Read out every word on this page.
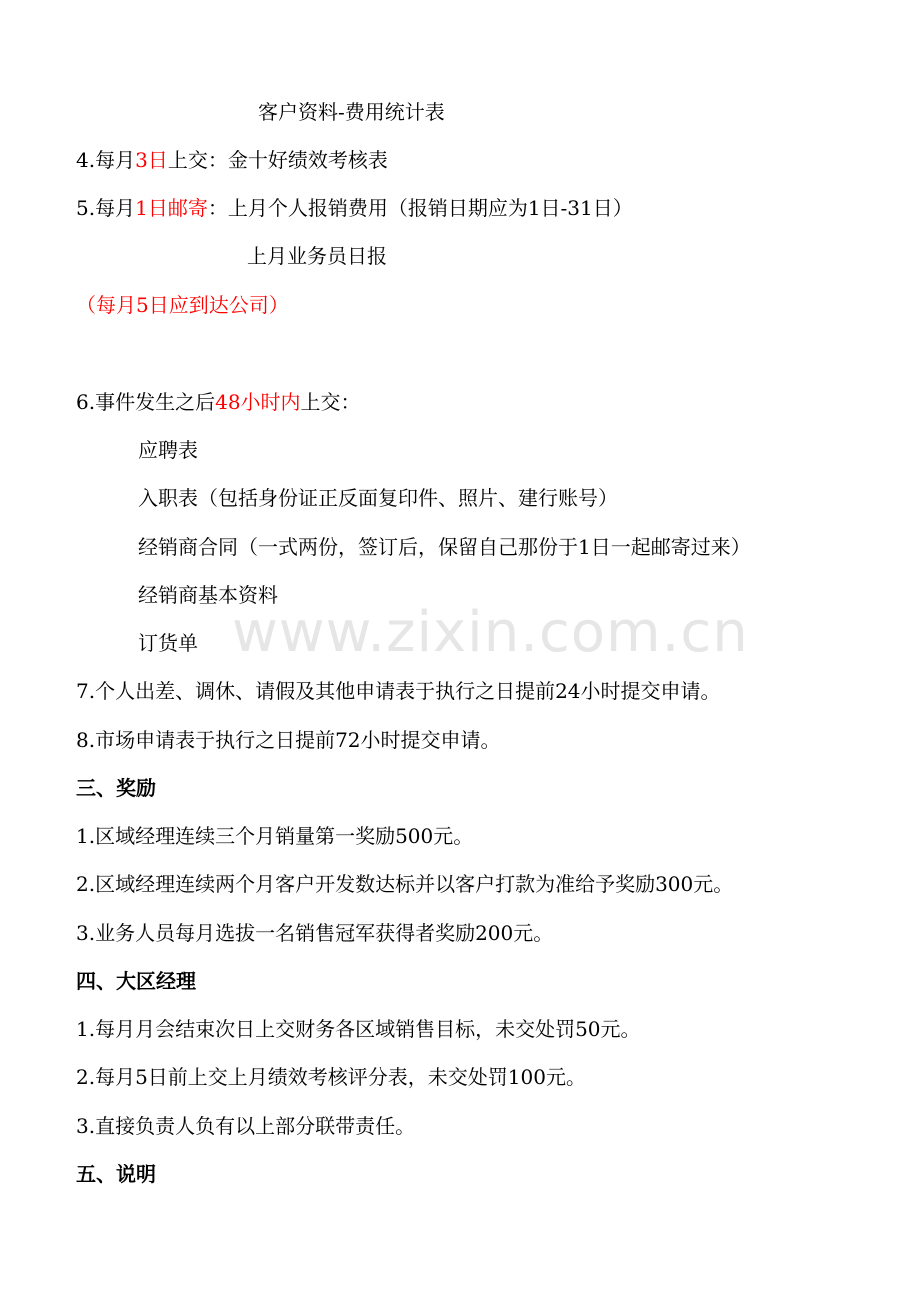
www.zixin.com.cn
客户资料-费用统计表
4.每月3日上交：金十好绩效考核表
5.每月1日邮寄：上月个人报销费用（报销日期应为1日-31日）
上月业务员日报
（每月5日应到达公司）
6.事件发生之后48小时内上交：
应聘表
入职表（包括身份证正反面复印件、照片、建行账号）
经销商合同（一式两份，签订后，保留自己那份于1日一起邮寄过来）
经销商基本资料
订货单
7.个人出差、调休、请假及其他申请表于执行之日提前24小时提交申请。
8.市场申请表于执行之日提前72小时提交申请。
三、奖励
1.区域经理连续三个月销量第一奖励500元。
2.区域经理连续两个月客户开发数达标并以客户打款为准给予奖励300元。
3.业务人员每月选拔一名销售冠军获得者奖励200元。
四、大区经理
1.每月月会结束次日上交财务各区域销售目标，未交处罚50元。
2.每月5日前上交上月绩效考核评分表，未交处罚100元。
3.直接负责人负有以上部分联带责任。
五、说明
